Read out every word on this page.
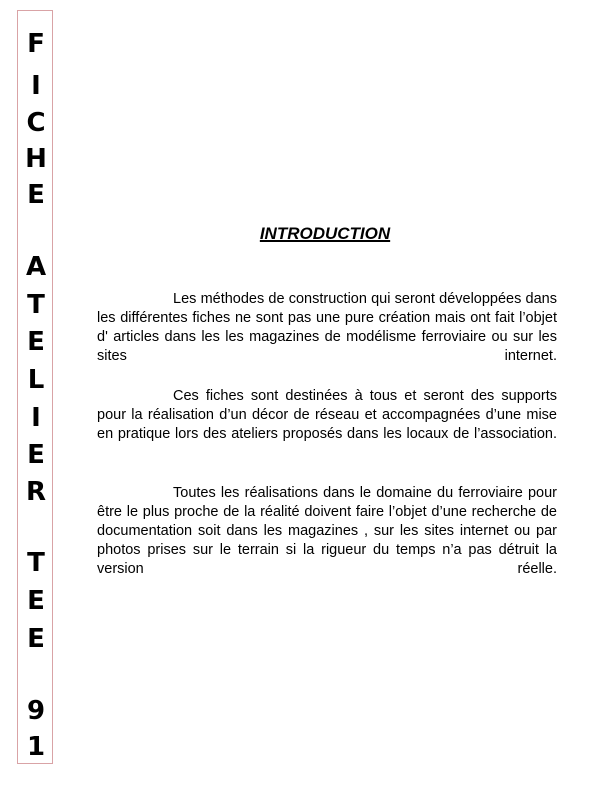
F
I
C
H
E
A
T
E
L
I
E
R
T
E
E
9
1
INTRODUCTION

Les méthodes de construction qui seront développées dans les différentes fiches ne sont pas une pure création mais ont fait l’objet d' articles dans les les magazines de modélisme ferroviaire ou sur les sites internet.

Ces fiches sont destinées à tous et seront des supports pour la réalisation d’un décor de réseau et accompagnées d’une mise en pratique lors des ateliers proposés dans les locaux de l’association.

Toutes les réalisations dans le domaine du ferroviaire pour être le plus proche de la réalité doivent faire l’objet d’une recherche de documentation soit dans les magazines , sur les sites internet ou par photos prises sur le terrain si la rigueur du temps n’a pas détruit la version réelle.
